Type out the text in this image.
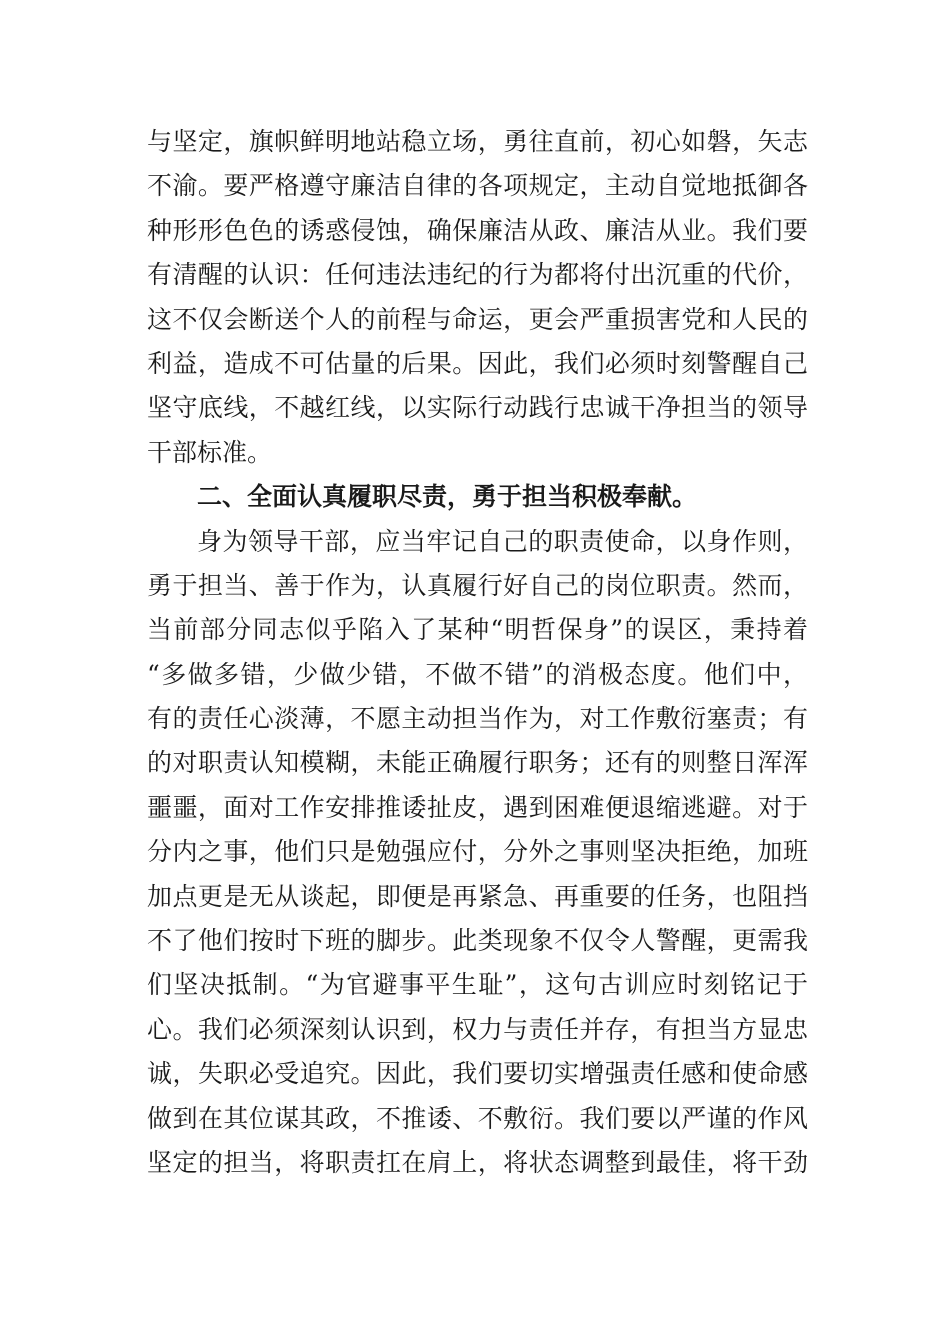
与坚定，旗帜鲜明地站稳立场，勇往直前，初心如磐，矢志
不渝。要严格遵守廉洁自律的各项规定，主动自觉地抵御各
种形形色色的诱惑侵蚀，确保廉洁从政、廉洁从业。我们要
有清醒的认识：任何违法违纪的行为都将付出沉重的代价，
这不仅会断送个人的前程与命运，更会严重损害党和人民的
利益，造成不可估量的后果。因此，我们必须时刻警醒自己
坚守底线，不越红线，以实际行动践行忠诚干净担当的领导
干部标准。
二、全面认真履职尽责，勇于担当积极奉献。
身为领导干部，应当牢记自己的职责使命，以身作则，
勇于担当、善于作为，认真履行好自己的岗位职责。然而，
当前部分同志似乎陷入了某种“明哲保身”的误区，秉持着
“多做多错，少做少错，不做不错”的消极态度。他们中，
有的责任心淡薄，不愿主动担当作为，对工作敷衍塞责；有
的对职责认知模糊，未能正确履行职务；还有的则整日浑浑
噩噩，面对工作安排推诿扯皮，遇到困难便退缩逃避。对于
分内之事，他们只是勉强应付，分外之事则坚决拒绝，加班
加点更是无从谈起，即便是再紧急、再重要的任务，也阻挡
不了他们按时下班的脚步。此类现象不仅令人警醒，更需我
们坚决抵制。“为官避事平生耻”，这句古训应时刻铭记于
心。我们必须深刻认识到，权力与责任并存，有担当方显忠
诚，失职必受追究。因此，我们要切实增强责任感和使命感
做到在其位谋其政，不推诿、不敷衍。我们要以严谨的作风
坚定的担当，将职责扛在肩上，将状态调整到最佳，将干劲
